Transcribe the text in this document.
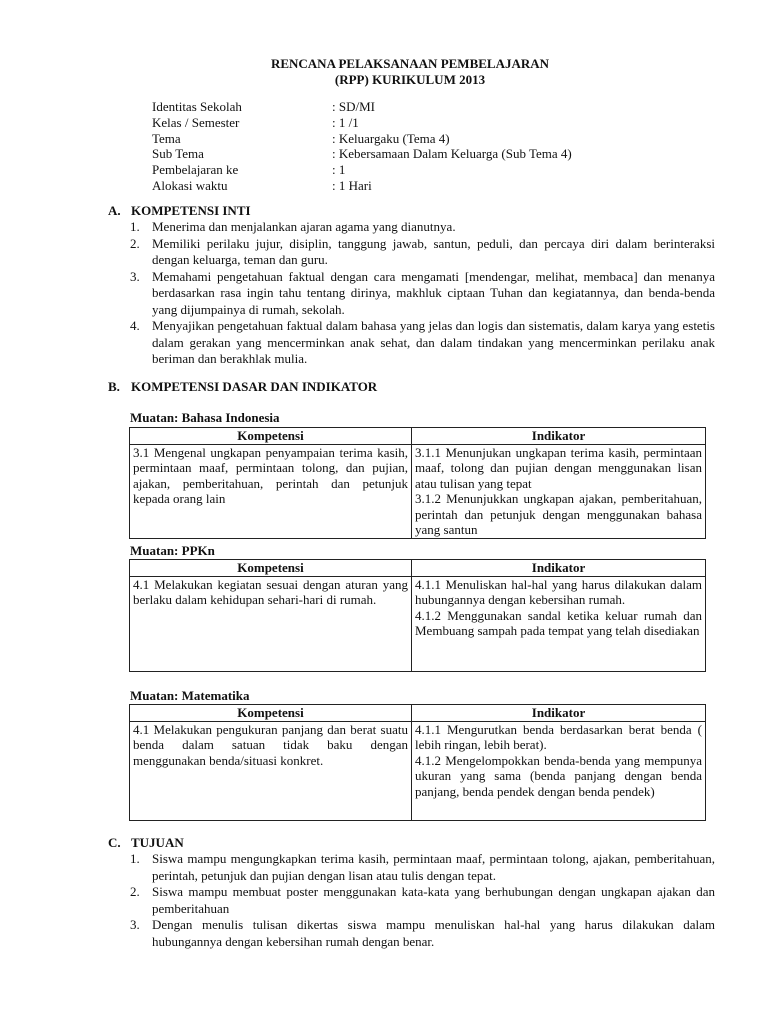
RENCANA PELAKSANAAN PEMBELAJARAN
(RPP) KURIKULUM 2013
Identitas Sekolah	: SD/MI
Kelas / Semester	: 1 /1
Tema	: Keluargaku (Tema 4)
Sub Tema	: Kebersamaan Dalam Keluarga (Sub Tema 4)
Pembelajaran ke	: 1
Alokasi waktu	: 1 Hari
A. KOMPETENSI INTI
1. Menerima dan menjalankan ajaran agama yang dianutnya.
2. Memiliki perilaku jujur, disiplin, tanggung jawab, santun, peduli, dan percaya diri dalam berinteraksi dengan keluarga, teman dan guru.
3. Memahami pengetahuan faktual dengan cara mengamati [mendengar, melihat, membaca] dan menanya berdasarkan rasa ingin tahu tentang dirinya, makhluk ciptaan Tuhan dan kegiatannya, dan benda-benda yang dijumpainya di rumah, sekolah.
4. Menyajikan pengetahuan faktual dalam bahasa yang jelas dan logis dan sistematis, dalam karya yang estetis dalam gerakan yang mencerminkan anak sehat, dan dalam tindakan yang mencerminkan perilaku anak beriman dan berakhlak mulia.
B. KOMPETENSI DASAR DAN INDIKATOR
Muatan: Bahasa Indonesia
Kompetensi	Indikator
3.1 Mengenal ungkapan penyampaian terima kasih, permintaan maaf, permintaan tolong, dan pujian, ajakan, pemberitahuan, perintah dan petunjuk kepada orang lain	3.1.1 Menunjukan ungkapan terima kasih, permintaan maaf, tolong dan pujian dengan menggunakan lisan atau tulisan yang tepat
3.1.2 Menunjukkan ungkapan ajakan, pemberitahuan, perintah dan petunjuk dengan menggunakan bahasa yang santun
Muatan: PPKn
Kompetensi	Indikator
4.1 Melakukan kegiatan sesuai dengan aturan yang berlaku dalam kehidupan sehari-hari di rumah.	4.1.1 Menuliskan hal-hal yang harus dilakukan dalam hubungannya dengan kebersihan rumah.
4.1.2 Menggunakan sandal ketika keluar rumah dan Membuang sampah pada tempat yang telah disediakan
Muatan: Matematika
Kompetensi	Indikator
4.1 Melakukan pengukuran panjang dan berat suatu benda dalam satuan tidak baku dengan menggunakan benda/situasi konkret.	4.1.1 Mengurutkan benda berdasarkan berat benda ( lebih ringan, lebih berat).
4.1.2 Mengelompokkan benda-benda yang mempunya ukuran yang sama (benda panjang dengan benda panjang, benda pendek dengan benda pendek)
C. TUJUAN
1. Siswa mampu mengungkapkan terima kasih, permintaan maaf, permintaan tolong, ajakan, pemberitahuan, perintah, petunjuk dan pujian dengan lisan atau tulis dengan tepat.
2. Siswa mampu membuat poster menggunakan kata-kata yang berhubungan dengan ungkapan ajakan dan pemberitahuan
3. Dengan menulis tulisan dikertas siswa mampu menuliskan hal-hal yang harus dilakukan dalam hubungannya dengan kebersihan rumah dengan benar.
